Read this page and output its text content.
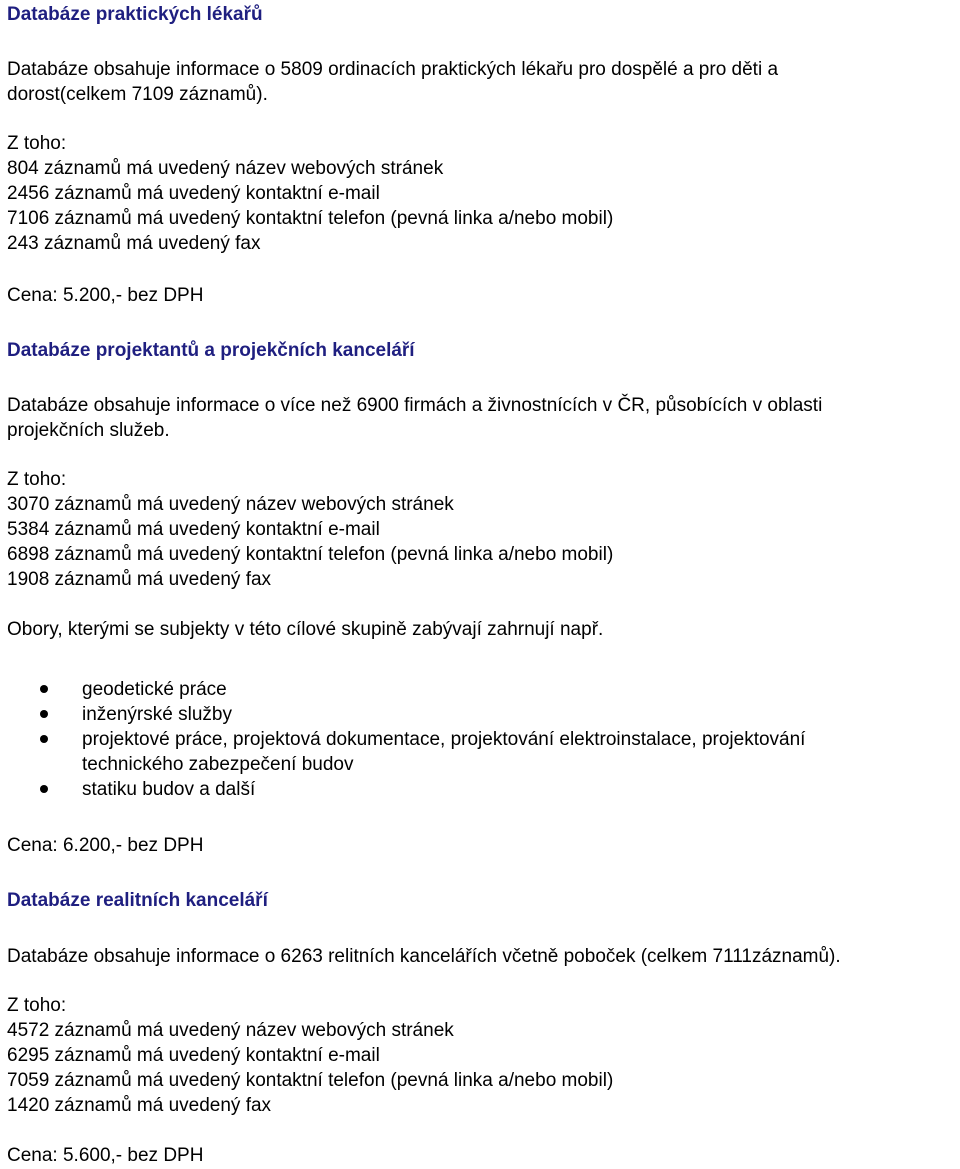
Databáze praktických lékařů
Databáze obsahuje informace o 5809 ordinacích praktických lékařu pro dospělé a pro děti a
dorost(celkem 7109 záznamů).
Z toho:
804 záznamů má uvedený název webových stránek
2456 záznamů má uvedený kontaktní e-mail
7106 záznamů má uvedený kontaktní telefon (pevná linka a/nebo mobil)
243 záznamů má uvedený fax

Cena: 5.200,- bez DPH

Databáze projektantů a projekčních kanceláří
Databáze obsahuje informace o více než 6900 firmách a živnostnících v ČR, působících v oblasti
projekčních služeb.
Z toho:
3070 záznamů má uvedený název webových stránek
5384 záznamů má uvedený kontaktní e-mail
6898 záznamů má uvedený kontaktní telefon (pevná linka a/nebo mobil)
1908 záznamů má uvedený fax

Obory, kterými se subjekty v této cílové skupině zabývají zahrnují např.

geodetické práce
inženýrské služby
projektové práce, projektová dokumentace, projektování elektroinstalace, projektování
technického zabezpečení budov
statiku budov a další

Cena: 6.200,- bez DPH

Databáze realitních kanceláří
Databáze obsahuje informace o 6263 relitních kancelářích včetně poboček (celkem 7111záznamů).
Z toho:
4572 záznamů má uvedený název webových stránek
6295 záznamů má uvedený kontaktní e-mail
7059 záznamů má uvedený kontaktní telefon (pevná linka a/nebo mobil)
1420 záznamů má uvedený fax

Cena: 5.600,- bez DPH
